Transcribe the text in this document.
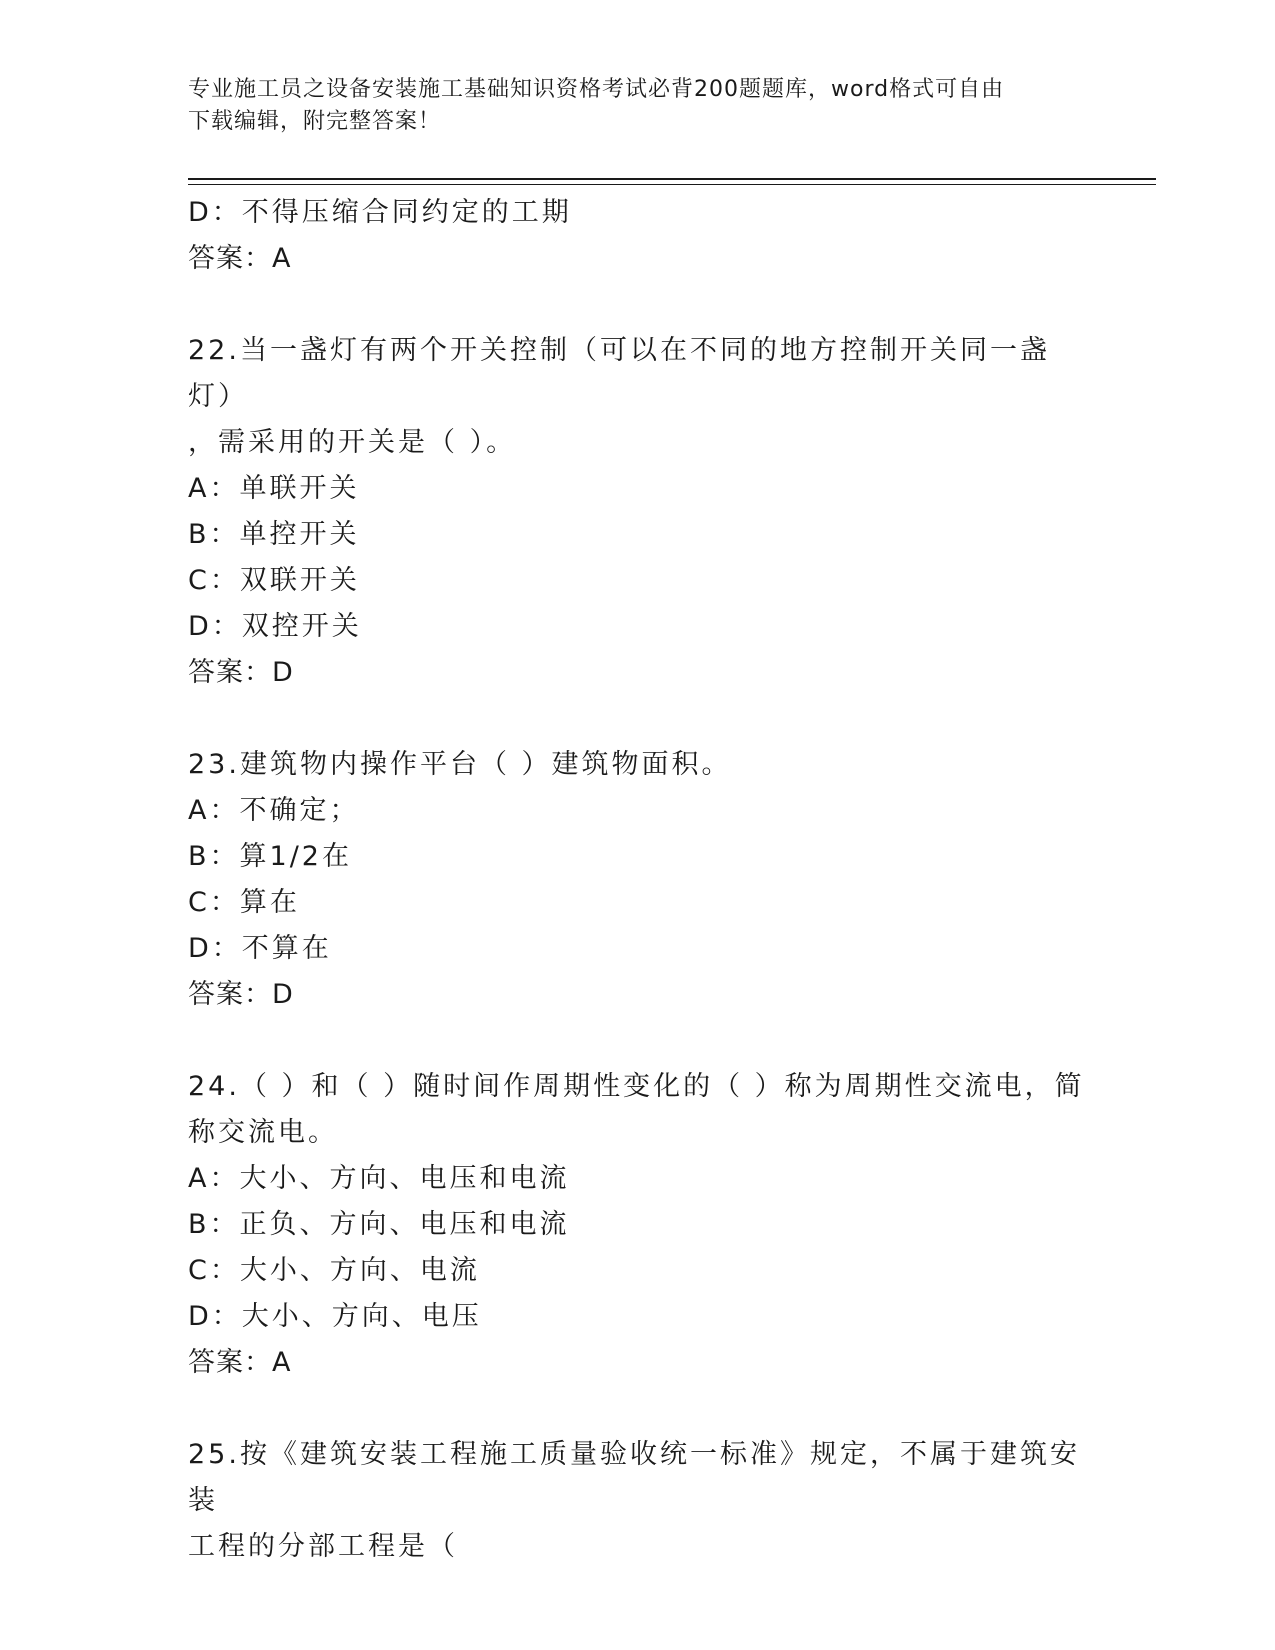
专业施工员之设备安装施工基础知识资格考试必背200题题库，word格式可自由
下载编辑，附完整答案！
D：不得压缩合同约定的工期
答案：A
22.当一盏灯有两个开关控制（可以在不同的地方控制开关同一盏灯）
，需采用的开关是（ ）。
A：单联开关
B：单控开关
C：双联开关
D：双控开关
答案：D
23.建筑物内操作平台（ ）建筑物面积。
A：不确定；
B：算1/2在
C：算在
D：不算在
答案：D
24.（ ）和（ ）随时间作周期性变化的（ ）称为周期性交流电，简
称交流电。
A：大小、方向、电压和电流
B：正负、方向、电压和电流
C：大小、方向、电流
D：大小、方向、电压
答案：A
25.按《建筑安装工程施工质量验收统一标准》规定，不属于建筑安装
工程的分部工程是（
